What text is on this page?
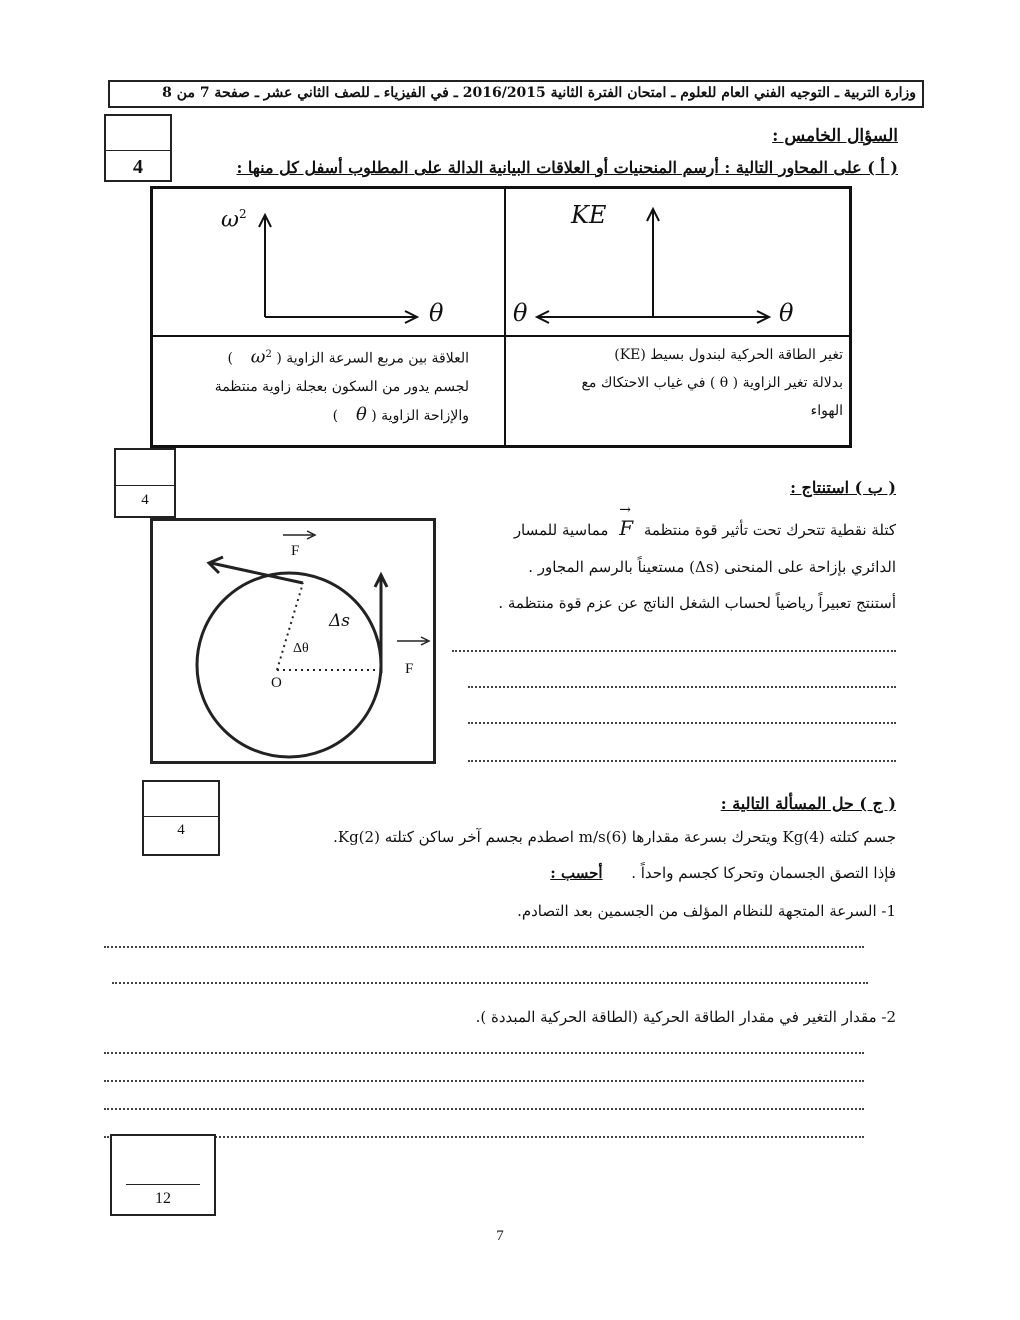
وزارة التربية ـ التوجيه الفني العام للعلوم ـ امتحان الفترة الثانية 2016/2015 ـ في الفيزياء ـ للصف الثاني عشر ـ صفحة 7 من 8
4
السؤال الخامس :
( أ ) على المحاور التالية : أرسم المنحنيات أو العلاقات البيانية الدالة على المطلوب أسفل كل منها :
$\omega^2$
θ
KE
θ	θ
العلاقة بين مربع السرعة الزاوية ( $\omega^2$    )
لجسم يدور من السكون بعجلة زاوية منتظمة
والإزاحة الزاوية ( θ    )
تغير الطاقة الحركية لبندول بسيط (KE)
بدلالة تغير الزاوية ( θ ) في غياب الاحتكاك مع
الهواء
4
( ب ) استنتاج :
كتلة نقطية تتحرك تحت تأثير قوة منتظمة
→
F مماسية للمسار
الدائري بإزاحة على المنحنى (Δs) مستعيناً بالرسم المجاور .
أستنتج تعبيراً رياضياً لحساب الشغل الناتج عن عزم قوة منتظمة .
F
F
Δs
Δθ
O
4
( ج ) حل المسألة التالية :
جسم كتلته (4)Kg ويتحرك بسرعة مقدارها (6)m/s اصطدم بجسم آخر ساكن كتلته (2)Kg.
فإذا التصق الجسمان وتحركا كجسم واحداً .      أحسب :
1- السرعة المتجهة للنظام المؤلف من الجسمين بعد التصادم.
2- مقدار التغير في مقدار الطاقة الحركية (الطاقة الحركية المبددة ).
12
7
